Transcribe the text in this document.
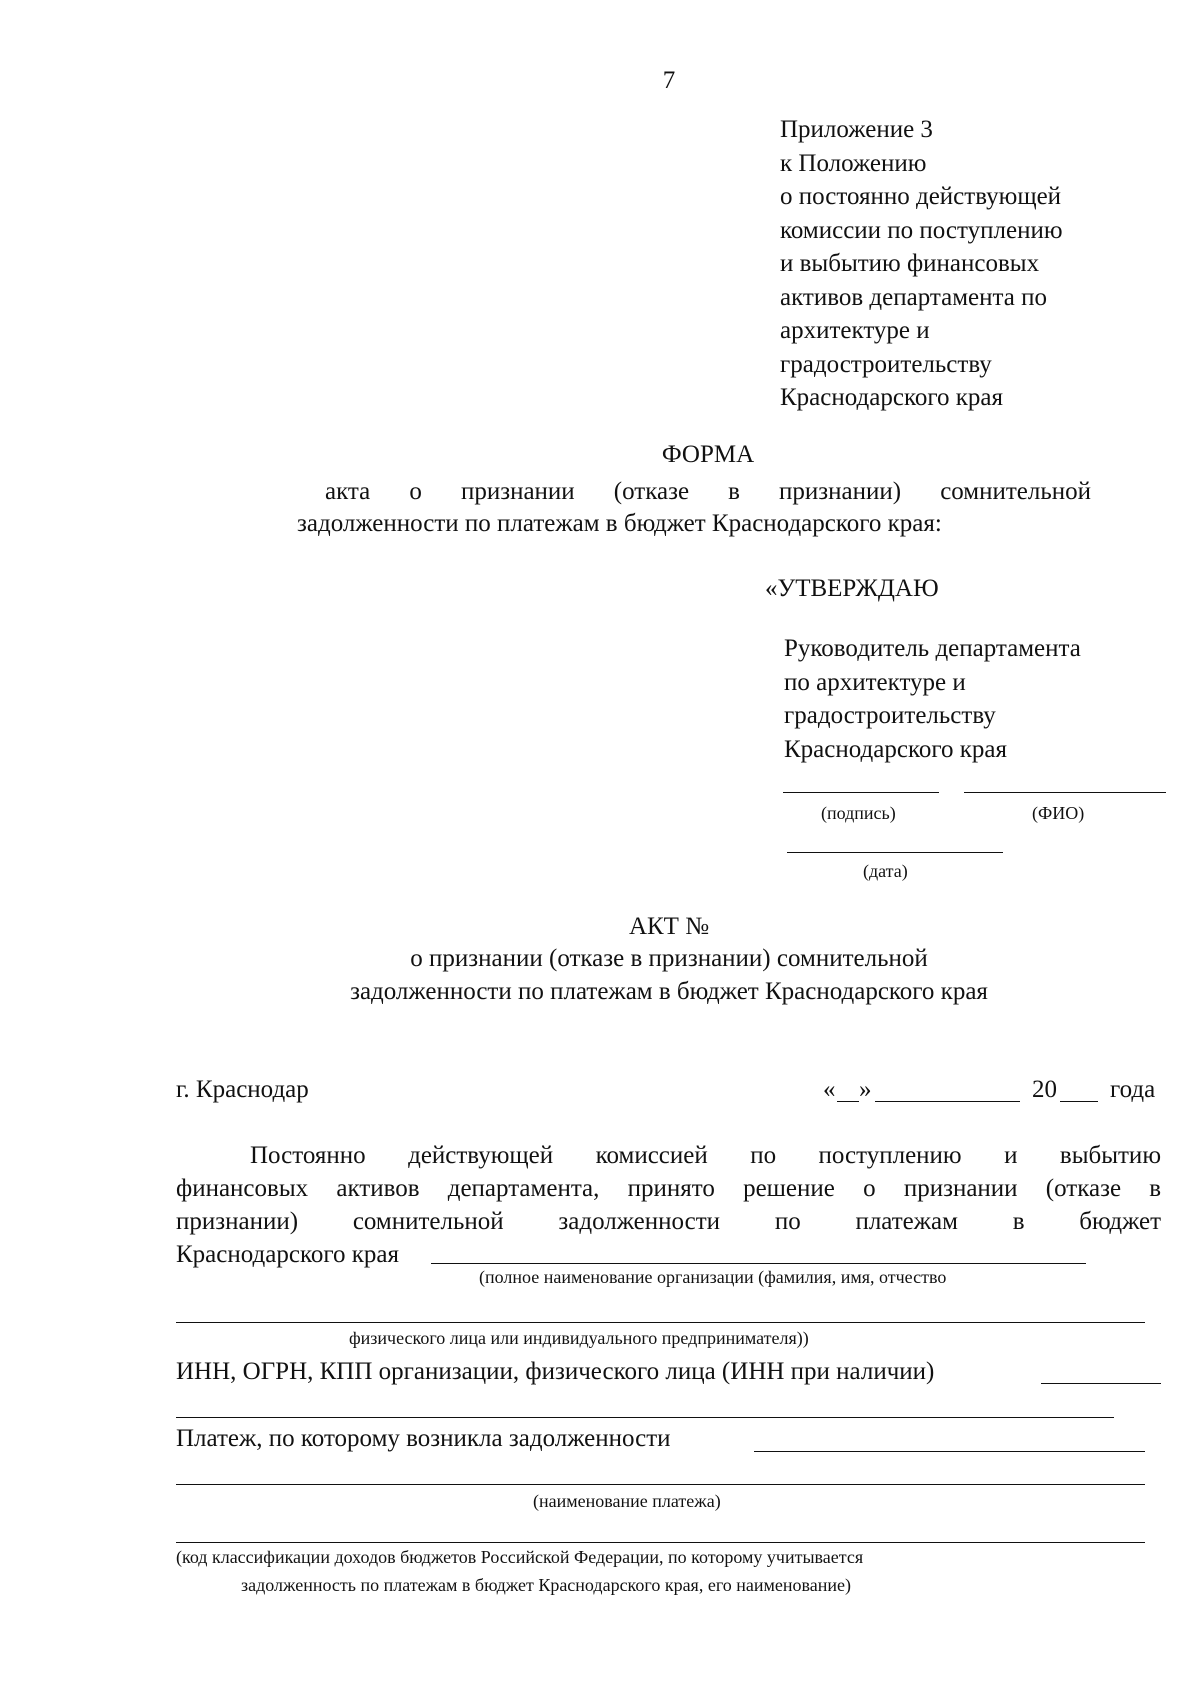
7
Приложение 3
к Положению
о постоянно действующей
комиссии по поступлению
и выбытию финансовых
активов департамента по
архитектуре и
градостроительству
Краснодарского края
ФОРМА
акта о признании (отказе в признании) сомнительной
задолженности по платежам в бюджет Краснодарского края:
«УТВЕРЖДАЮ
Руководитель департамента
по архитектуре и
градостроительству
Краснодарского края
(подпись)	(ФИО)
(дата)
АКТ №
о признании (отказе в признании) сомнительной
задолженности по платежам в бюджет Краснодарского края
г. Краснодар	« »	20 года
Постоянно действующей комиссией по поступлению и выбытию
финансовых активов департамента, принято решение о признании (отказе в
признании) сомнительной задолженности по платежам в бюджет
Краснодарского края
(полное наименование организации (фамилия, имя, отчество
физического лица или индивидуального предпринимателя))
ИНН, ОГРН, КПП организации, физического лица (ИНН при наличии)
Платеж, по которому возникла задолженности
(наименование платежа)
(код классификации доходов бюджетов Российской Федерации, по которому учитывается
задолженность по платежам в бюджет Краснодарского края, его наименование)
